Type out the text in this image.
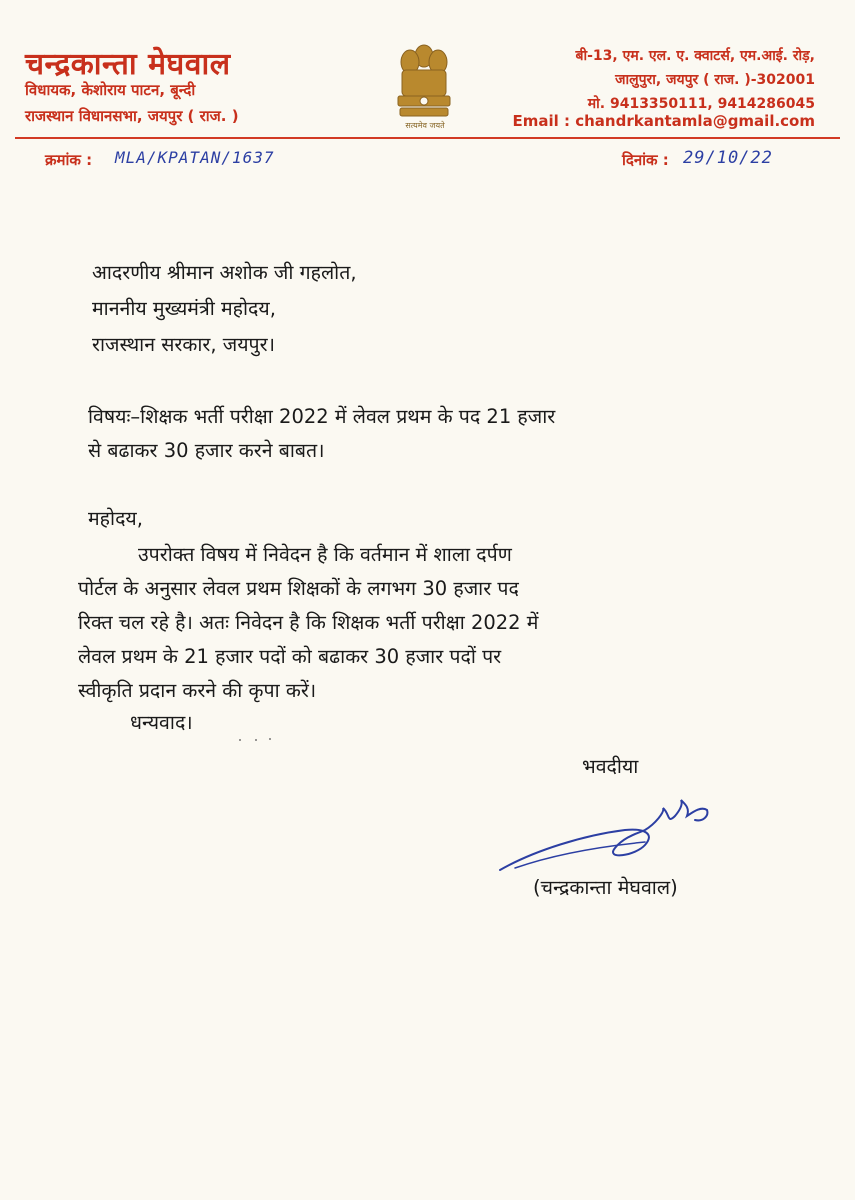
चन्द्रकान्ता मेघवाल
विधायक, केशोराय पाटन, बून्दी
राजस्थान विधानसभा, जयपुर ( राज. )
सत्यमेव जयते
बी-13, एम. एल. ए. क्वाटर्स, एम.आई. रोड़,
जालुपुरा, जयपुर ( राज. )-302001
मो. 9413350111, 9414286045
Email : chandrkantamla@gmail.com
क्रमांक : MLA/KPATAN/1637	दिनांक : 29/10/22
आदरणीय श्रीमान अशोक जी गहलोत,
माननीय मुख्यमंत्री महोदय,
राजस्थान सरकार, जयपुर।
विषयः–शिक्षक भर्ती परीक्षा 2022 में लेवल प्रथम के पद 21 हजार
से बढाकर 30 हजार करने बाबत।
महोदय,
उपरोक्त विषय में निवेदन है कि वर्तमान में शाला दर्पण
पोर्टल के अनुसार लेवल प्रथम शिक्षकों के लगभग 30 हजार पद
रिक्त चल रहे है। अतः निवेदन है कि शिक्षक भर्ती परीक्षा 2022 में
लेवल प्रथम के 21 हजार पदों को बढाकर 30 हजार पदों पर
स्वीकृति प्रदान करने की कृपा करें।
धन्यवाद।
भवदीया
(चन्द्रकान्ता मेघवाल)
